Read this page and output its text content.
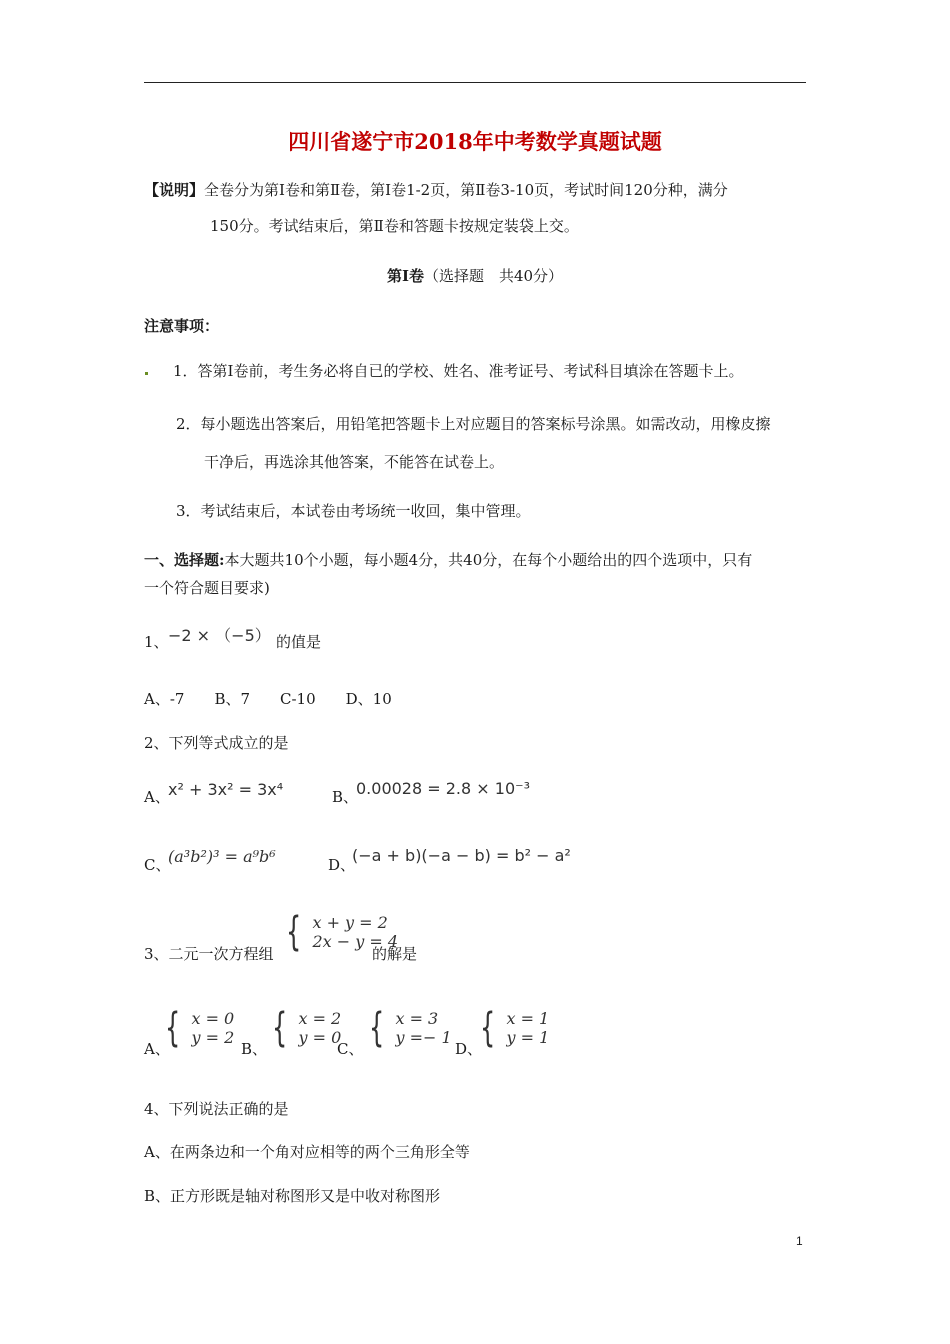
四川省遂宁市2018年中考数学真题试题
【说明】全卷分为第Ⅰ卷和第Ⅱ卷，第Ⅰ卷1-2页，第Ⅱ卷3-10页，考试时间120分种，满分
150分。考试结束后，第Ⅱ卷和答题卡按规定装袋上交。
第Ⅰ卷（选择题　共40分）
注意事项：
1．答第Ⅰ卷前，考生务必将自已的学校、姓名、准考证号、考试科目填涂在答题卡上。
2．每小题选出答案后，用铅笔把答题卡上对应题目的答案标号涂黑。如需改动，用橡皮擦
干净后，再选涂其他答案，不能答在试卷上。
3．考试结束后，本试卷由考场统一收回，集中管理。
一、选择题:本大题共10个小题，每小题4分，共40分，在每个小题给出的四个选项中，只有
一个符合题目要求)
1、 −2 × （−5） 的值是
A、-7　　B、7　　C-10　　D、10
2、下列等式成立的是
A、
x² + 3x² = 3x⁴	B、
0.00028 = 2.8 × 10⁻³
C、
(a³b²)³ = a⁹b⁶	D、
(−a + b)(−a − b) = b² − a²
3、二元一次方程组 { x + y = 2
2x − y = 4
的解是
A、
{ x = 0
y = 2
B、 { x = 2
y = 0
C、 { x = 3
y =− 1
D、
{ x = 1
y = 1
4、下列说法正确的是
A、在两条边和一个角对应相等的两个三角形全等
B、正方形既是轴对称图形又是中收对称图形
1
